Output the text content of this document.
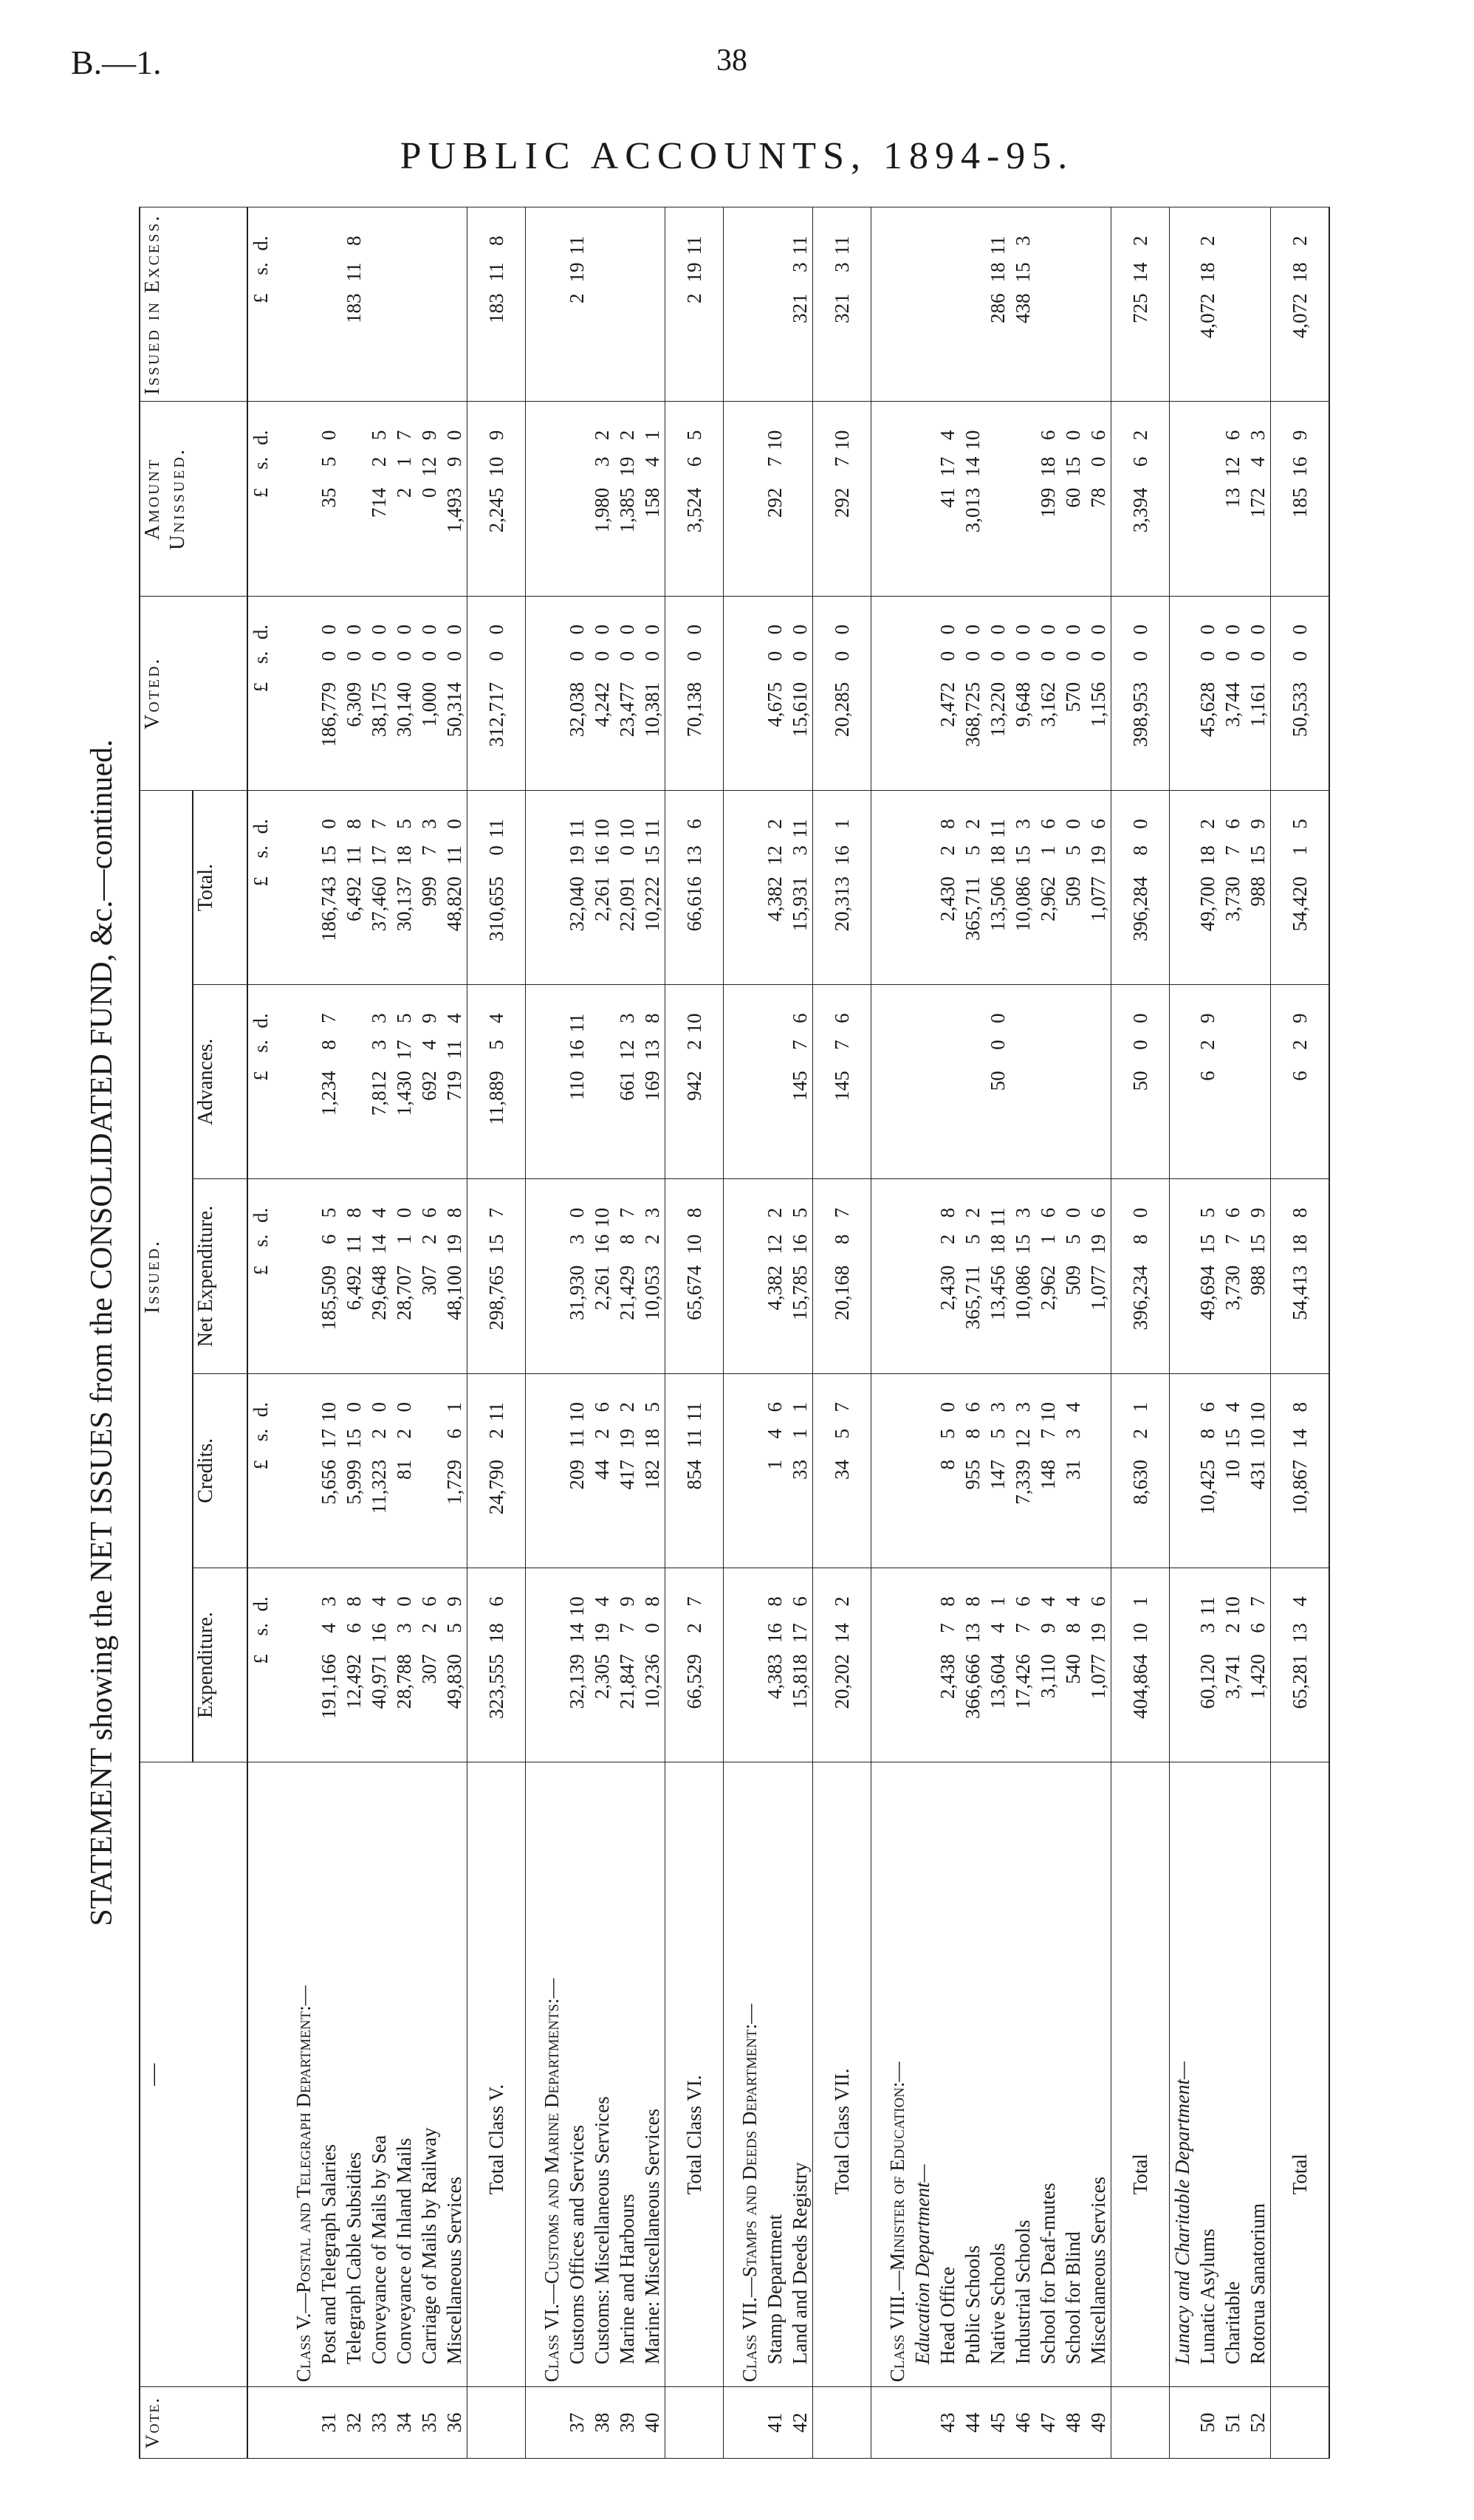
B.—1.	38
PUBLIC ACCOUNTS, 1894-95.
STATEMENT showing the NET ISSUES from the CONSOLIDATED FUND, &c.—continued.
Vote.	—	Issued.					Voted.	Amount Unissued.	Issued in Excess.
		Expenditure.	Credits.	Net Expenditure.	Advances.	Total.			
		£s.d.	£s.d.	£s.d.	£s.d.	£s.d.	£s.d.	£s.d.	£s.d.
	Class V.—Postal and Telegraph Department:—								
31	Post and Telegraph Salaries	191,16643	5,6561710	185,50965	1,23487	186,743150	186,77900	3550	
32	Telegraph Cable Subsidies	12,49268	5,999150	6,492118		6,492118	6,30900		183118
33	Conveyance of Mails by Sea	40,971164	11,32320	29,648144	7,81233	37,460177	38,17500	71425	
34	Conveyance of Inland Mails	28,78830	8120	28,70710	1,430175	30,137185	30,14000	217	
35	Carriage of Mails by Railway	30726		30726	69249	99973	1,00000	0129	
36	Miscellaneous Services	49,83059	1,72961	48,100198	719114	48,820110	50,31400	1,49390	
	Total Class V.	323,555186	24,790211	298,765157	11,88954	310,655011	312,71700	2,245109	183118
	Class VI.—Customs and Marine Departments:—								
37	Customs Offices and Services	32,1391410	2091110	31,93030	1101611	32,0401911	32,03800		21911
38	Customs: Miscellaneous Services	2,305194	4426	2,2611610		2,2611610	4,24200	1,98032	
39	Marine and Harbours	21,84779	417192	21,42987	661123	22,091010	23,47700	1,385192	
40	Marine: Miscellaneous Services	10,23608	182185	10,05323	169138	10,2221511	10,38100	15841	
	Total Class VI.	66,52927	8541111	65,674108	942210	66,616136	70,13800	3,52465	21911
	Class VII.—Stamps and Deeds Department:—								
41	Stamp Department	4,383168	146	4,382122		4,382122	4,67500	292710	
42	Land and Deeds Registry	15,818176	3311	15,785165	14576	15,931311	15,61000		321311
	Total Class VII.	20,202142	3457	20,16887	14576	20,313161	20,28500	292710	321311
	Class VIII.—Minister of Education:—								
	Education Department—								
43	Head Office	2,43878	850	2,43028		2,43028	2,47200	41174	
44	Public Schools	366,666138	95586	365,71152		365,71152	368,72500	3,0131410	
45	Native Schools	13,60441	14753	13,4561811	5000	13,5061811	13,22000		2861811
46	Industrial Schools	17,42676	7,339123	10,086153		10,086153	9,64800		438153
47	School for Deaf-mutes	3,11094	148710	2,96216		2,96216	3,16200	199186	
48	School for Blind	54084	3134	50950		50950	57000	60150	
49	Miscellaneous Services	1,077196		1,077196		1,077196	1,15600	7806	
	Total	404,864101	8,63021	396,23480	5000	396,28480	398,95300	3,39462	725142
	Lunacy and Charitable Department—								
50	Lunatic Asylums	60,120311	10,42586	49,694155	629	49,700182	45,62800		4,072182
51	Charitable	3,741210	10154	3,73076		3,73076	3,74400	13126	
52	Rotorua Sanatorium	1,42067	4311010	988159		988159	1,16100	17243	
	Total	65,281134	10,867148	54,413188	629	54,42015	50,53300	185169	4,072182
